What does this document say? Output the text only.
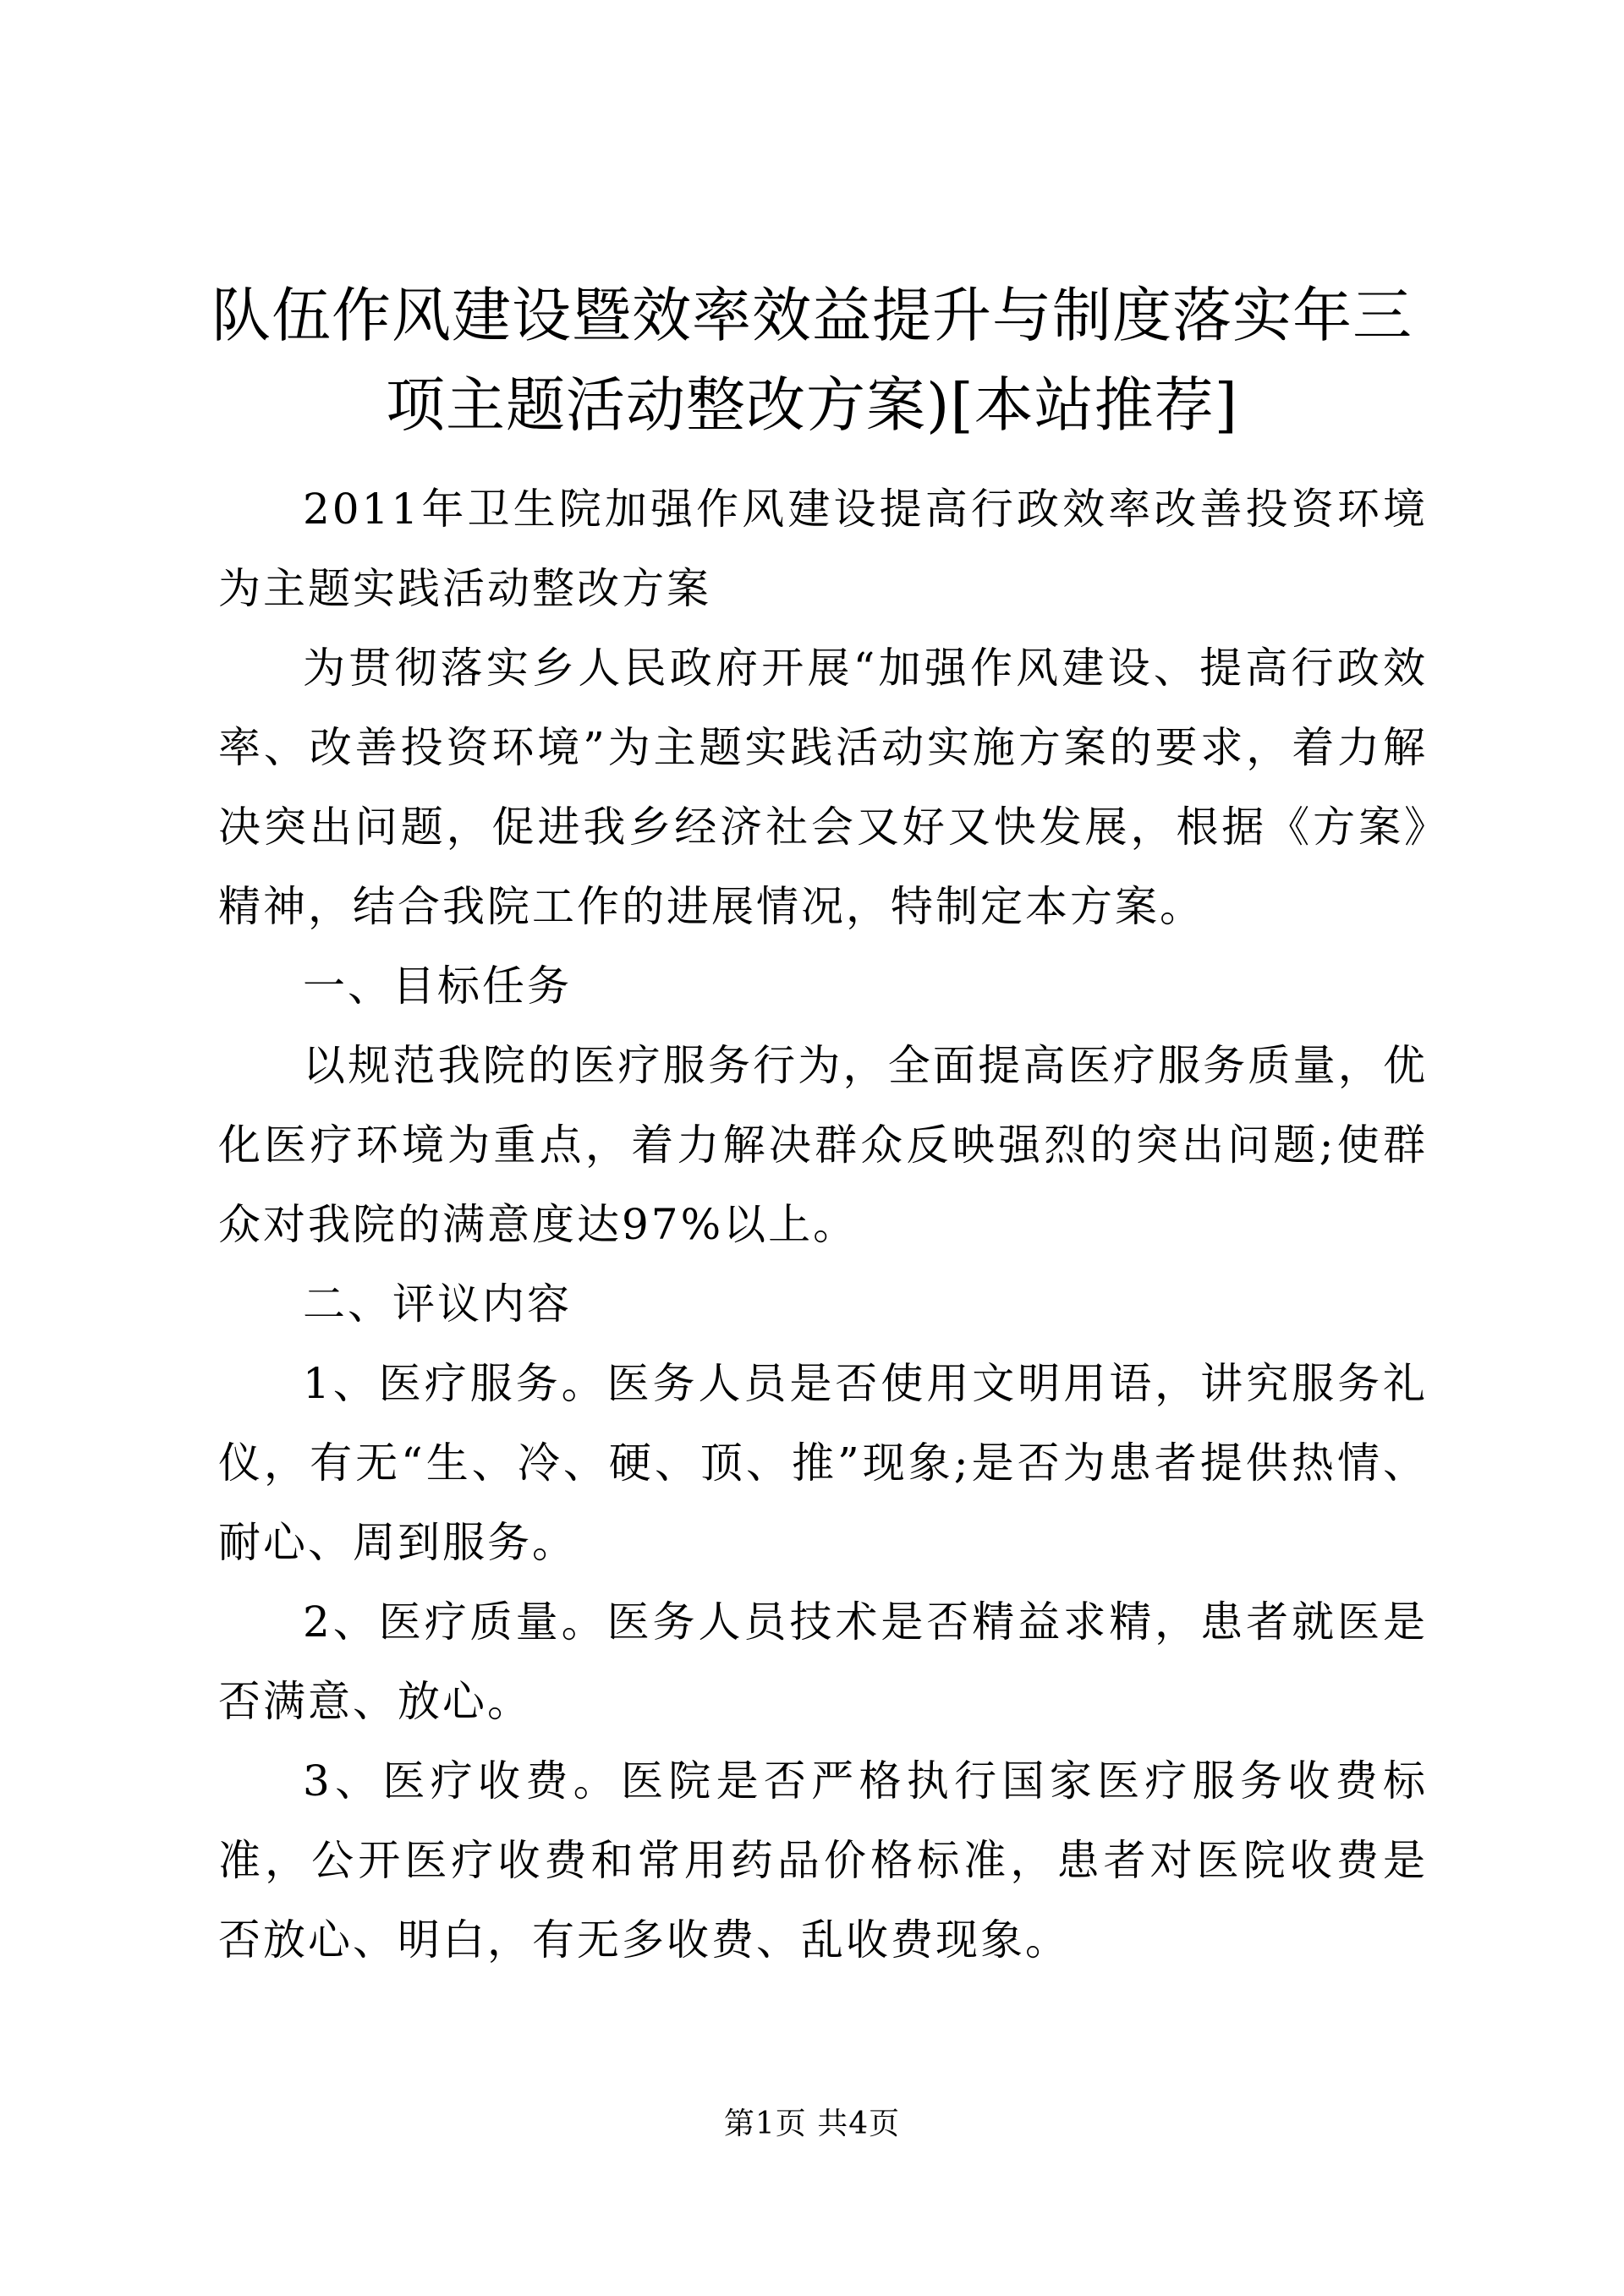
队伍作风建设暨效率效益提升与制度落实年三
项主题活动整改方案)[本站推荐]

2011年卫生院加强作风建设提高行政效率改善投资环境为主题实践活动整改方案

为贯彻落实乡人民政府开展“加强作风建设、提高行政效率、改善投资环境”为主题实践活动实施方案的要求，着力解决突出问题，促进我乡经济社会又好又快发展，根据《方案》精神，结合我院工作的进展情况，特制定本方案。

一、目标任务

以规范我院的医疗服务行为，全面提高医疗服务质量，优化医疗环境为重点，着力解决群众反映强烈的突出问题;使群众对我院的满意度达97%以上。

二、评议内容

1、医疗服务。医务人员是否使用文明用语，讲究服务礼仪，有无“生、冷、硬、顶、推”现象;是否为患者提供热情、耐心、周到服务。

2、医疗质量。医务人员技术是否精益求精，患者就医是否满意、放心。

3、医疗收费。医院是否严格执行国家医疗服务收费标准，公开医疗收费和常用药品价格标准，患者对医院收费是否放心、明白，有无多收费、乱收费现象。

第1页 共4页
